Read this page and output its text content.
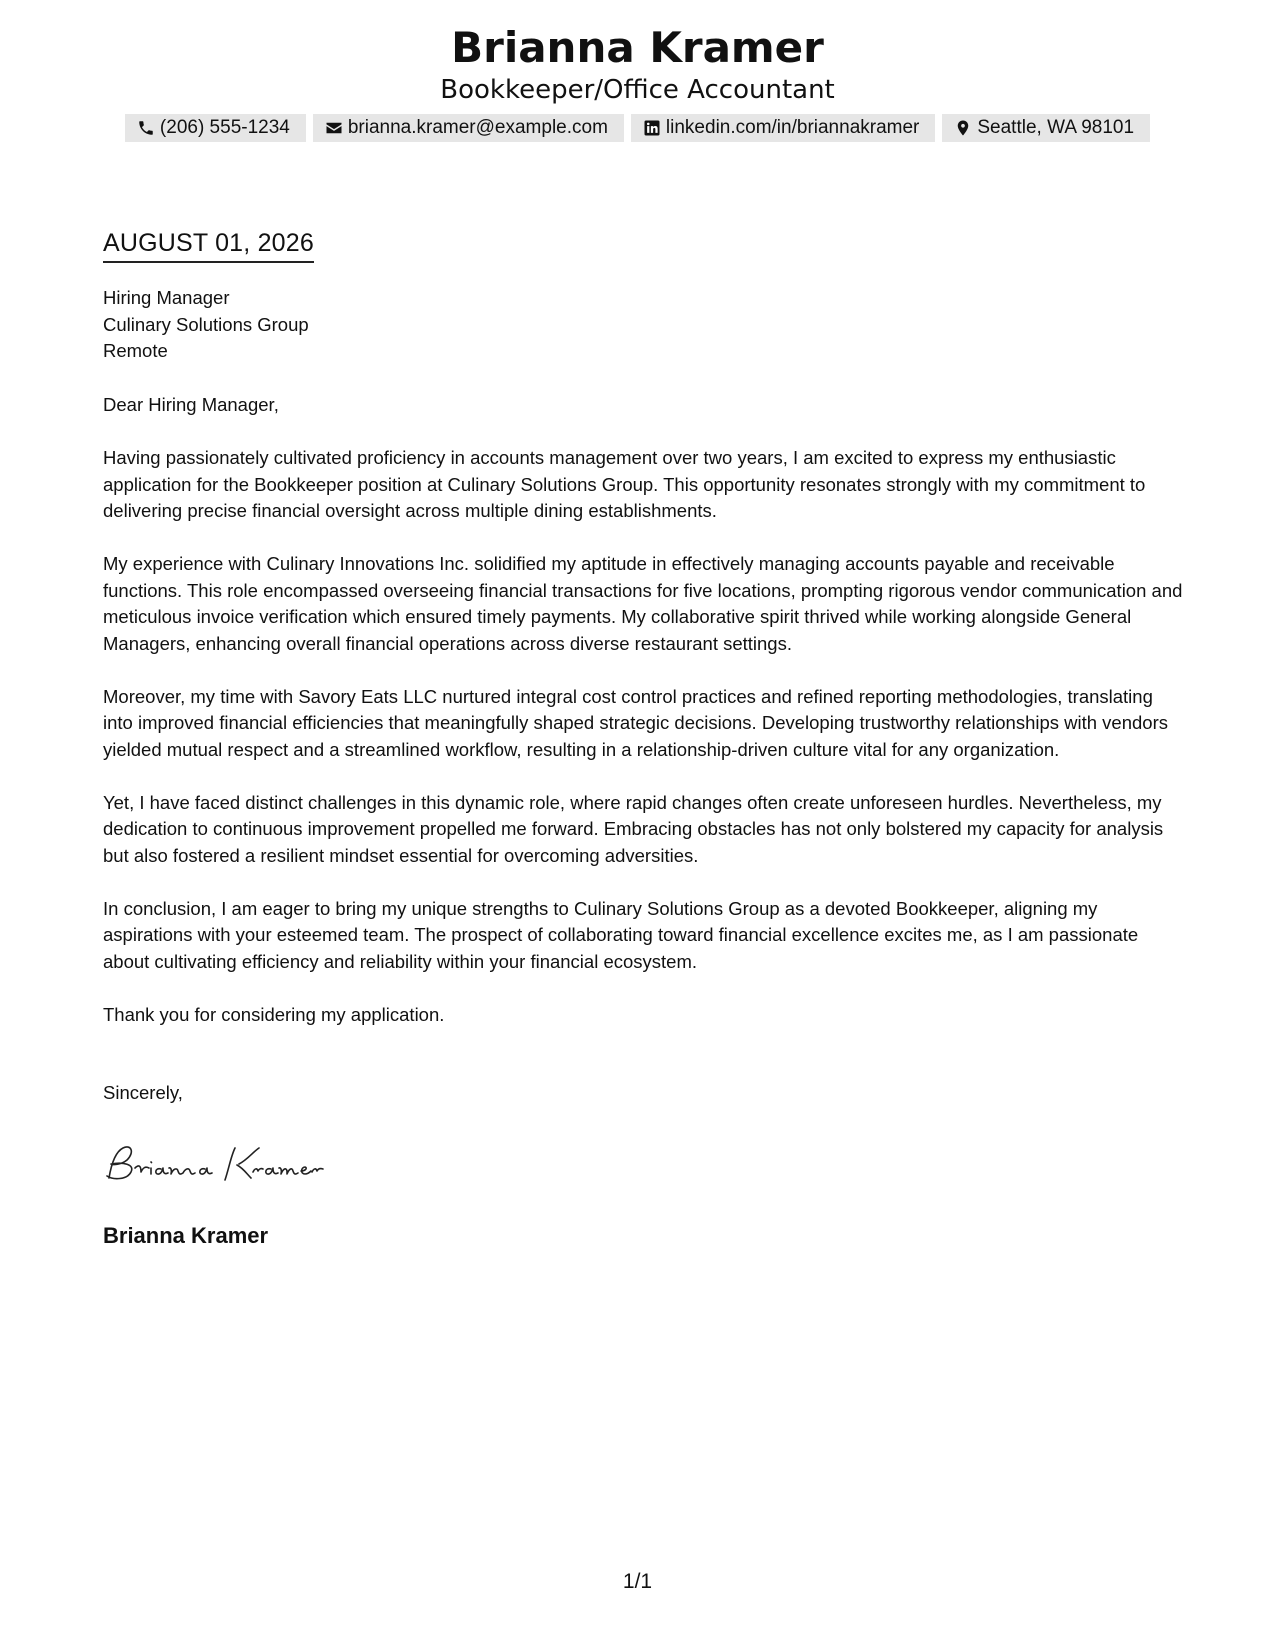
Brianna Kramer
Bookkeeper/Office Accountant
(206) 555-1234	brianna.kramer@example.com	linkedin.com/in/briannakramer	Seattle, WA 98101
AUGUST 01, 2026
Hiring Manager
Culinary Solutions Group
Remote

Dear Hiring Manager,

Having passionately cultivated proficiency in accounts management over two years, I am excited to express my enthusiastic application for the Bookkeeper position at Culinary Solutions Group. This opportunity resonates strongly with my commitment to delivering precise financial oversight across multiple dining establishments.

My experience with Culinary Innovations Inc. solidified my aptitude in effectively managing accounts payable and receivable functions. This role encompassed overseeing financial transactions for five locations, prompting rigorous vendor communication and meticulous invoice verification which ensured timely payments. My collaborative spirit thrived while working alongside General Managers, enhancing overall financial operations across diverse restaurant settings.

Moreover, my time with Savory Eats LLC nurtured integral cost control practices and refined reporting methodologies, translating into improved financial efficiencies that meaningfully shaped strategic decisions. Developing trustworthy relationships with vendors yielded mutual respect and a streamlined workflow, resulting in a relationship-driven culture vital for any organization.

Yet, I have faced distinct challenges in this dynamic role, where rapid changes often create unforeseen hurdles. Nevertheless, my dedication to continuous improvement propelled me forward. Embracing obstacles has not only bolstered my capacity for analysis but also fostered a resilient mindset essential for overcoming adversities.

In conclusion, I am eager to bring my unique strengths to Culinary Solutions Group as a devoted Bookkeeper, aligning my aspirations with your esteemed team. The prospect of collaborating toward financial excellence excites me, as I am passionate about cultivating efficiency and reliability within your financial ecosystem.

Thank you for considering my application.

Sincerely,
Brianna Kramer
1/1
